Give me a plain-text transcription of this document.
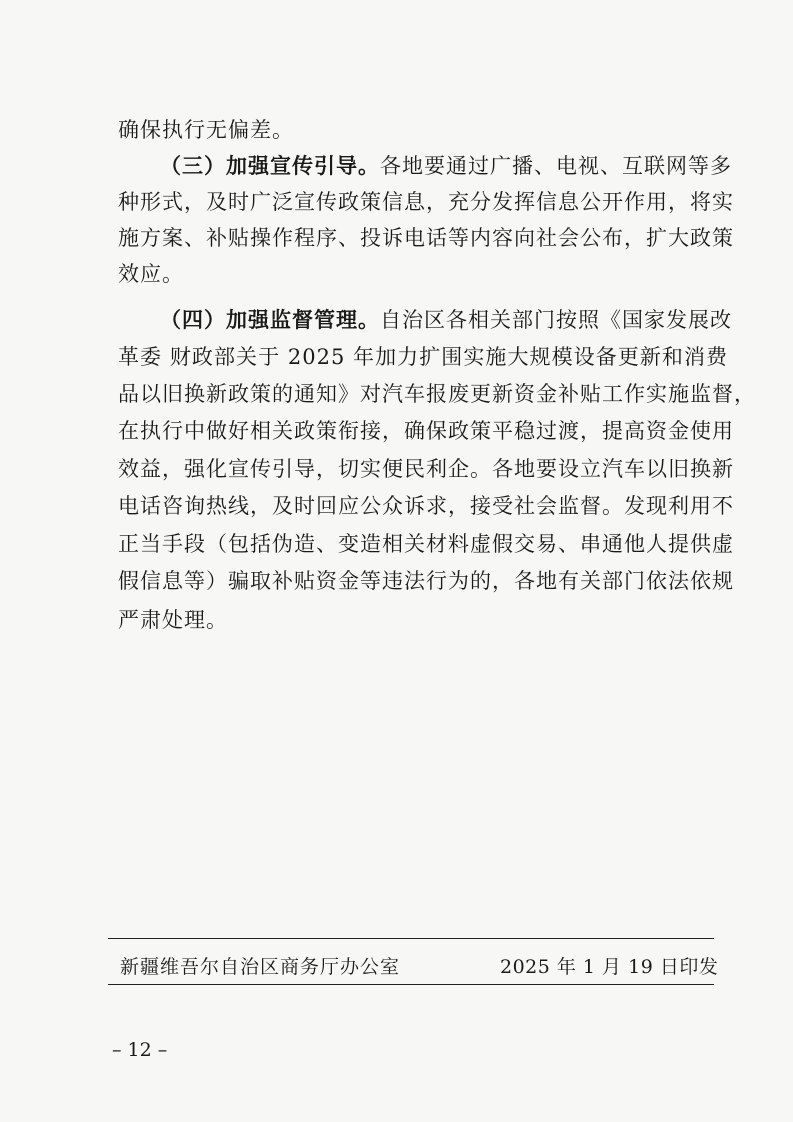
确保执行无偏差。
（三）加强宣传引导。各地要通过广播、电视、互联网等多
种形式，及时广泛宣传政策信息，充分发挥信息公开作用，将实
施方案、补贴操作程序、投诉电话等内容向社会公布，扩大政策
效应。
（四）加强监督管理。自治区各相关部门按照《国家发展改
革委 财政部关于 2025 年加力扩围实施大规模设备更新和消费
品以旧换新政策的通知》对汽车报废更新资金补贴工作实施监督，
在执行中做好相关政策衔接，确保政策平稳过渡，提高资金使用
效益，强化宣传引导，切实便民利企。各地要设立汽车以旧换新
电话咨询热线，及时回应公众诉求，接受社会监督。发现利用不
正当手段（包括伪造、变造相关材料虚假交易、串通他人提供虚
假信息等）骗取补贴资金等违法行为的，各地有关部门依法依规
严肃处理。
新疆维吾尔自治区商务厅办公室	2025 年 1 月 19 日印发
– 12 –
